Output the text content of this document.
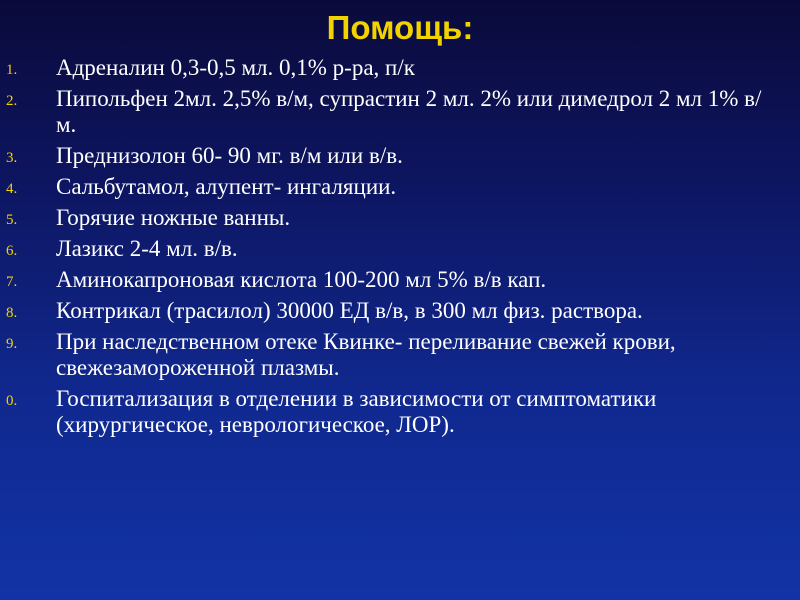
Помощь:
1.	Адреналин 0,3-0,5 мл. 0,1% р-ра, п/к
2.	Пипольфен 2мл. 2,5% в/м, супрастин 2 мл. 2% или димедрол 2 мл 1% в/м.
3.	Преднизолон 60- 90 мг. в/м или в/в.
4.	Сальбутамол, алупент- ингаляции.
5.	Горячие ножные ванны.
6.	Лазикс 2-4 мл. в/в.
7.	Аминокапроновая кислота 100-200 мл 5% в/в кап.
8.	Контрикал (трасилол) 30000 ЕД в/в, в 300 мл физ. раствора.
9.	При наследственном отеке Квинке- переливание свежей крови, свежезамороженной плазмы.
0.	Госпитализация в отделении в зависимости от симптоматики (хирургическое, неврологическое, ЛОР).
